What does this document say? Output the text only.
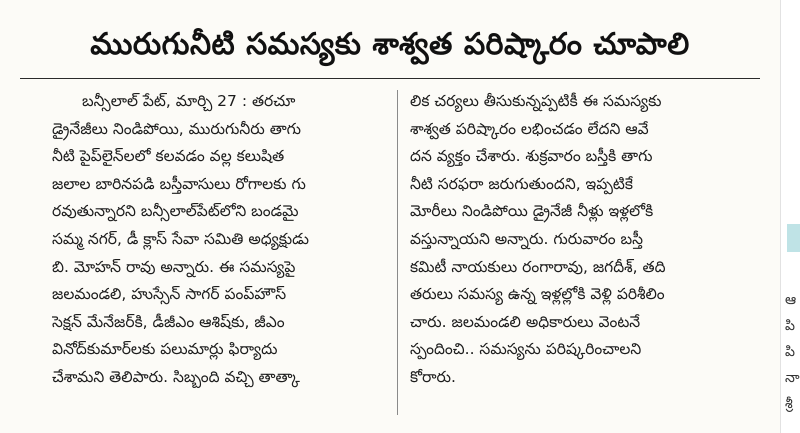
మురుగునీటి సమస్యకు శాశ్వత పరిష్కారం చూపాలి
బన్సీలాల్ పేట్, మార్చి 27 : తరచూ
డ్రైనేజీలు నిండిపోయి, మురుగునీరు తాగు
నీటి పైప్‌లైన్‌లలో కలవడం వల్ల కలుషిత
జలాల బారినపడి బస్తీవాసులు రోగాలకు గు
రవుతున్నారని బన్సీలాల్‌పేట్‌లోని బండమై
సమ్మ నగర్, డీ క్లాస్ సేవా సమితి అధ్యక్షుడు
బి. మోహన్ రావు అన్నారు. ఈ సమస్యపై
జలమండలి, హుస్సేన్ సాగర్ పంప్‌హౌస్
సెక్షన్ మేనేజర్‌కి, డీజీఎం ఆశిష్‌కు, జీఎం
వినోద్‌కుమార్‌లకు పలుమార్లు ఫిర్యాదు
చేశామని తెలిపారు. సిబ్బంది వచ్చి తాత్కా
లిక చర్యలు తీసుకున్నప్పటికీ ఈ సమస్యకు
శాశ్వత పరిష్కారం లభించడం లేదని ఆవే
దన వ్యక్తం చేశారు. శుక్రవారం బస్తీకి తాగు
నీటి సరఫరా జరుగుతుందని, ఇప్పటికే
మోరీలు నిండిపోయి డ్రైనేజీ నీళ్లు ఇళ్లలోకి
వస్తున్నాయని అన్నారు. గురువారం బస్తీ
కమిటీ నాయకులు రంగారావు, జగదీశ్, తది
తరులు సమస్య ఉన్న ఇళ్లల్లోకి వెళ్లి పరిశీలిం
చారు. జలమండలి అధికారులు వెంటనే
స్పందించి.. సమస్యను పరిష్కరించాలని
కోరారు.
ఆ
పి
పి
నా
శ్రీ
